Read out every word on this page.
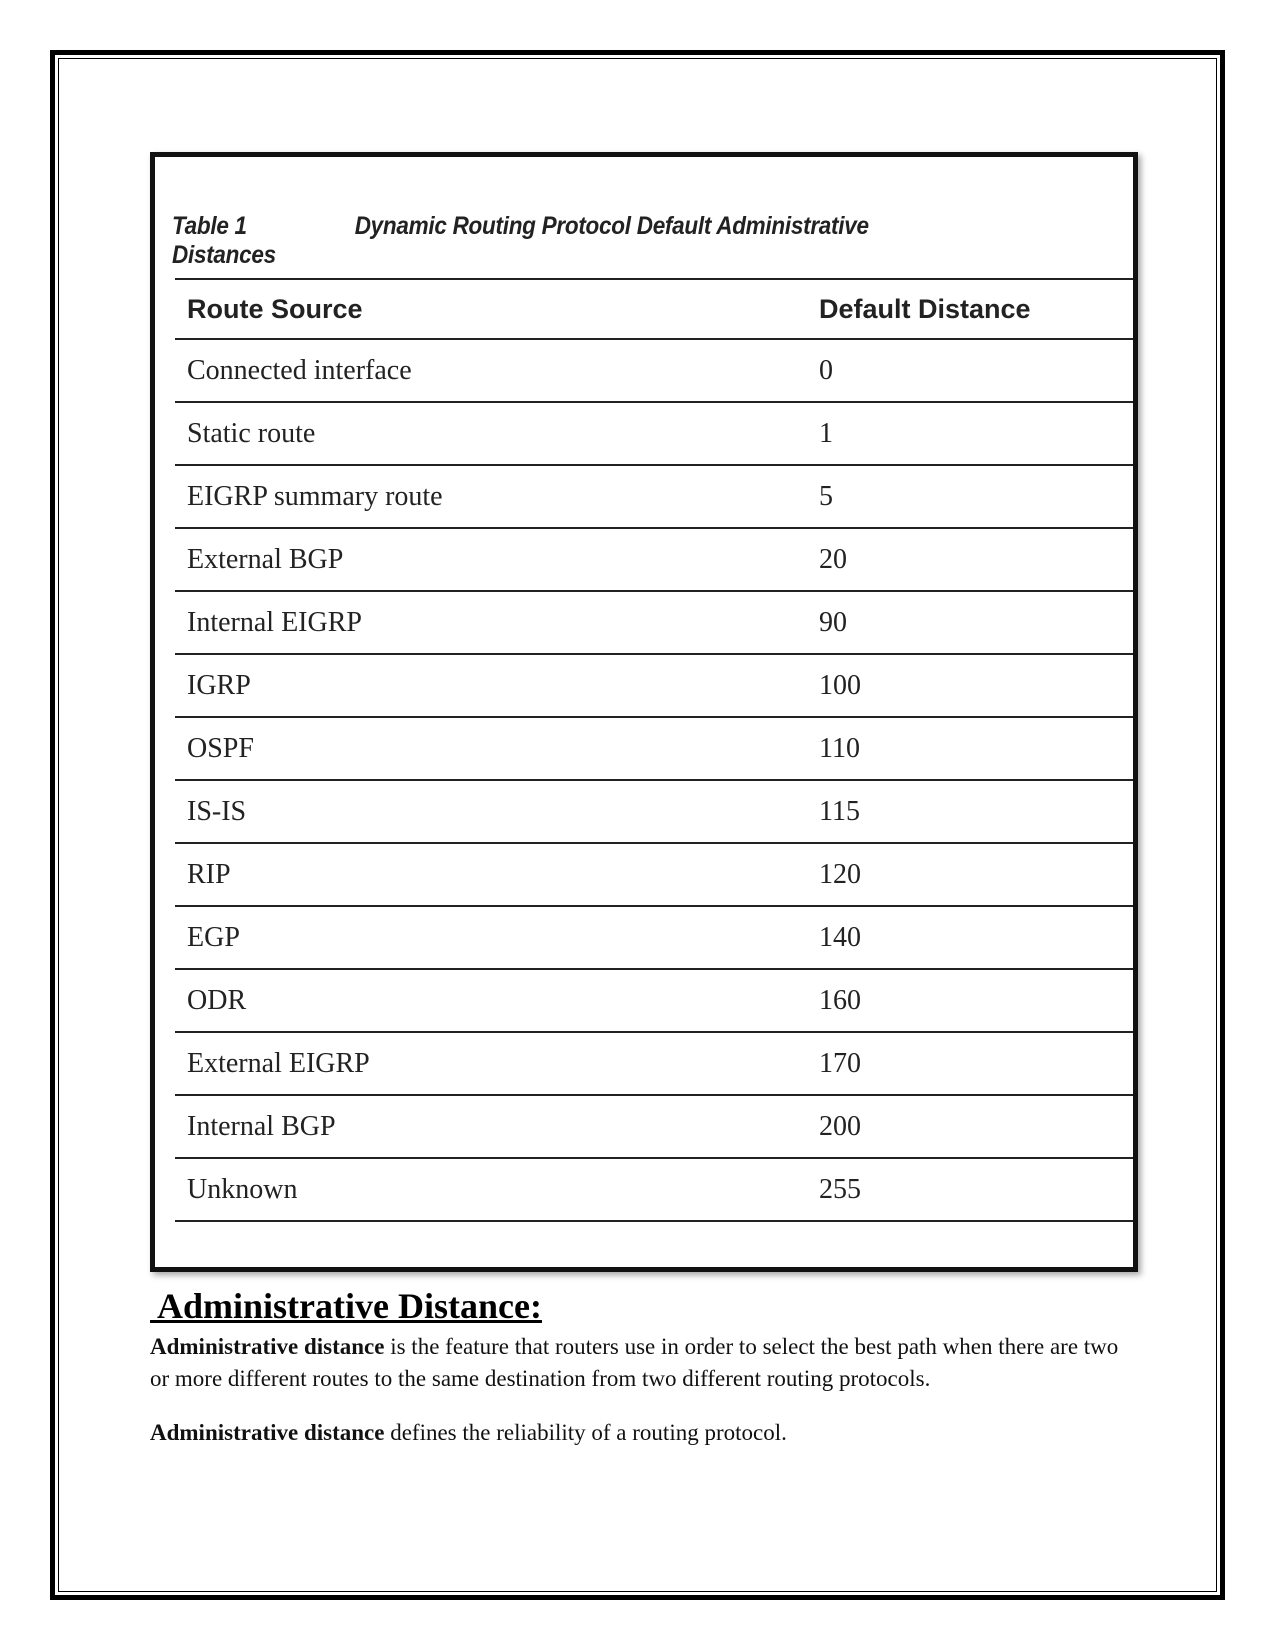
Table 1	Dynamic Routing Protocol Default Administrative Distances
Route Source	Default Distance
Connected interface	0
Static route	1
EIGRP summary route	5
External BGP	20
Internal EIGRP	90
IGRP	100
OSPF	110
IS-IS	115
RIP	120
EGP	140
ODR	160
External EIGRP	170
Internal BGP	200
Unknown	255
Administrative Distance:

Administrative distance is the feature that routers use in order to select the best path when there are two or more different routes to the same destination from two different routing protocols.

Administrative distance defines the reliability of a routing protocol.
